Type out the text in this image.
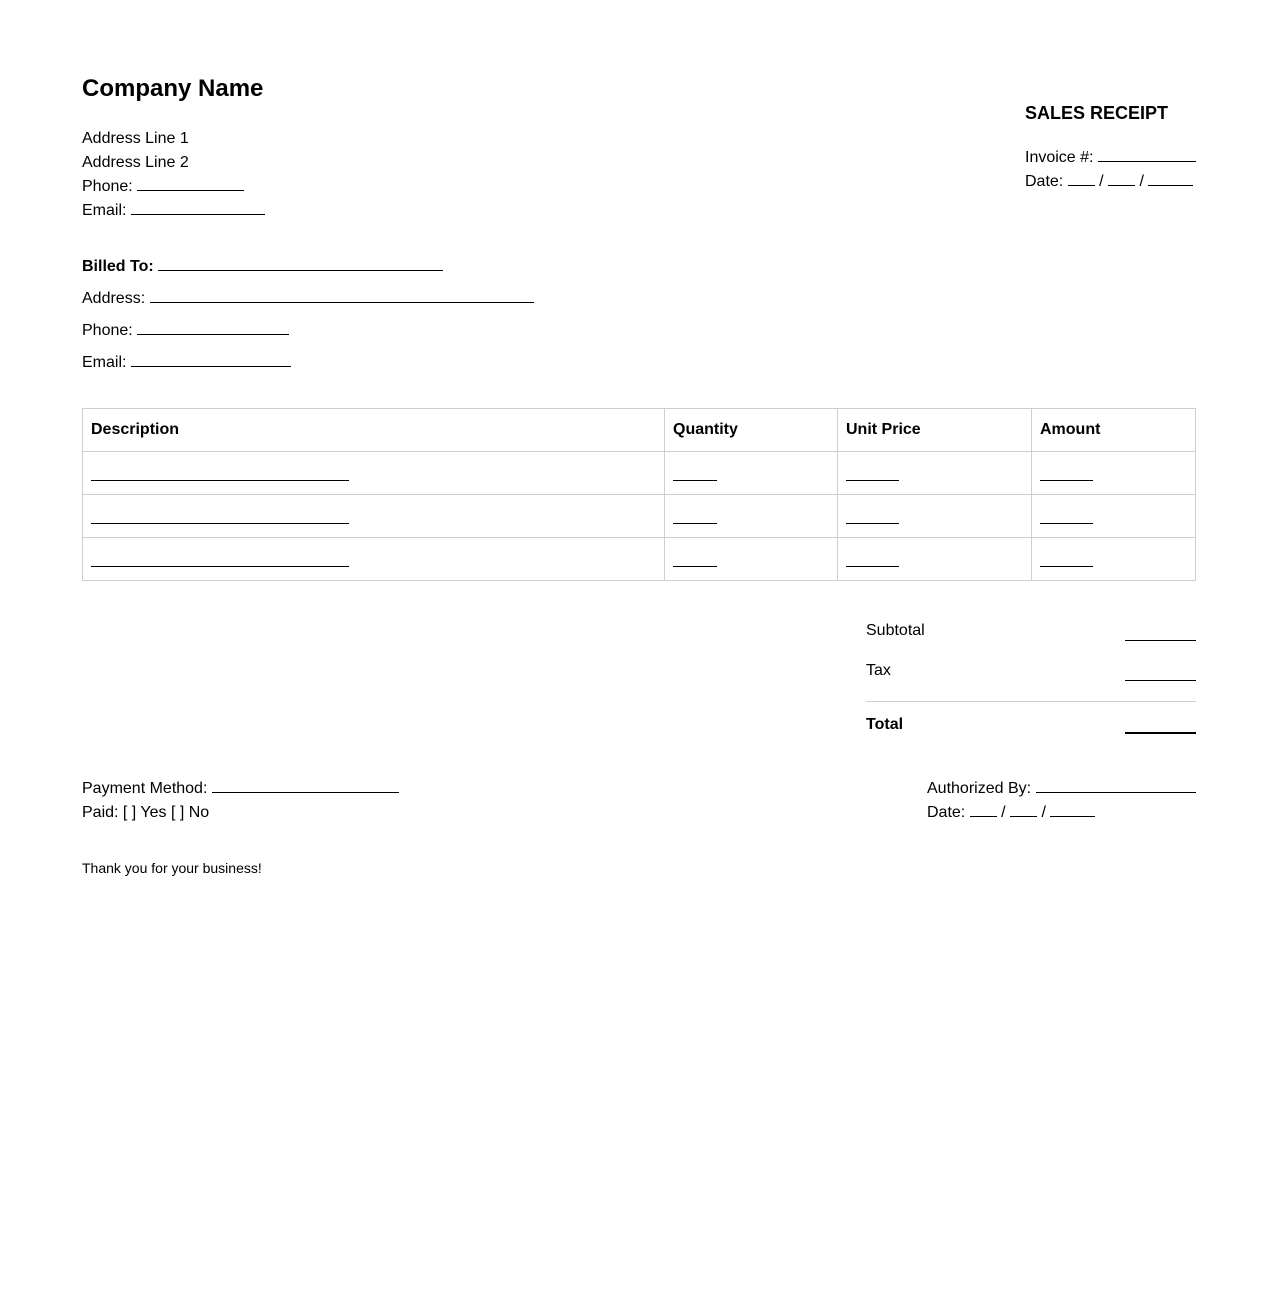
Company Name
Address Line 1
Address Line 2
Phone:
Email:
SALES RECEIPT
Invoice #:
Date: / /
Billed To:
Address:
Phone:
Email:
Description	Quantity	Unit Price	Amount

Subtotal
Tax
Total
Payment Method:
Paid: [ ] Yes [ ] No
Authorized By:
Date: / /
Thank you for your business!
